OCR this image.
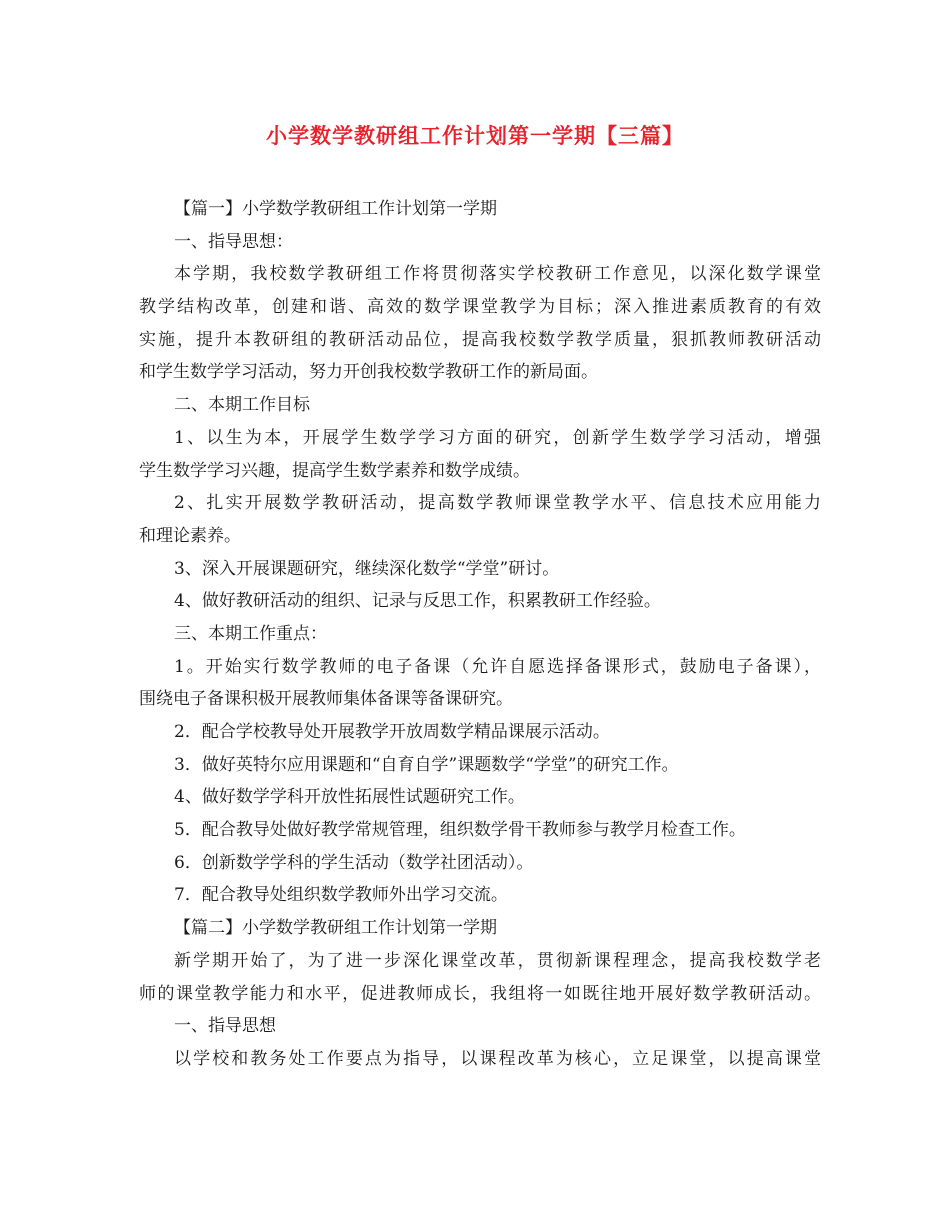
小学数学教研组工作计划第一学期【三篇】
【篇一】小学数学教研组工作计划第一学期
一、指导思想：
本学期，我校数学教研组工作将贯彻落实学校教研工作意见，以深化数学课堂
教学结构改革，创建和谐、高效的数学课堂教学为目标；深入推进素质教育的有效
实施，提升本教研组的教研活动品位，提高我校数学教学质量，狠抓教师教研活动
和学生数学学习活动，努力开创我校数学教研工作的新局面。
二、本期工作目标
1、以生为本，开展学生数学学习方面的研究，创新学生数学学习活动，增强
学生数学学习兴趣，提高学生数学素养和数学成绩。
2、扎实开展数学教研活动，提高数学教师课堂教学水平、信息技术应用能力
和理论素养。
3、深入开展课题研究，继续深化数学“学堂”研讨。
4、做好教研活动的组织、记录与反思工作，积累教研工作经验。
三、本期工作重点：
1。开始实行数学教师的电子备课（允许自愿选择备课形式，鼓励电子备课），
围绕电子备课积极开展教师集体备课等备课研究。
2．配合学校教导处开展教学开放周数学精品课展示活动。
3．做好英特尔应用课题和“自育自学”课题数学“学堂”的研究工作。
4、做好数学学科开放性拓展性试题研究工作。
5．配合教导处做好教学常规管理，组织数学骨干教师参与教学月检查工作。
6．创新数学学科的学生活动（数学社团活动）。
7．配合教导处组织数学教师外出学习交流。
【篇二】小学数学教研组工作计划第一学期
新学期开始了，为了进一步深化课堂改革，贯彻新课程理念，提高我校数学老
师的课堂教学能力和水平，促进教师成长，我组将一如既往地开展好数学教研活动。
一、指导思想
以学校和教务处工作要点为指导，以课程改革为核心，立足课堂，以提高课堂
